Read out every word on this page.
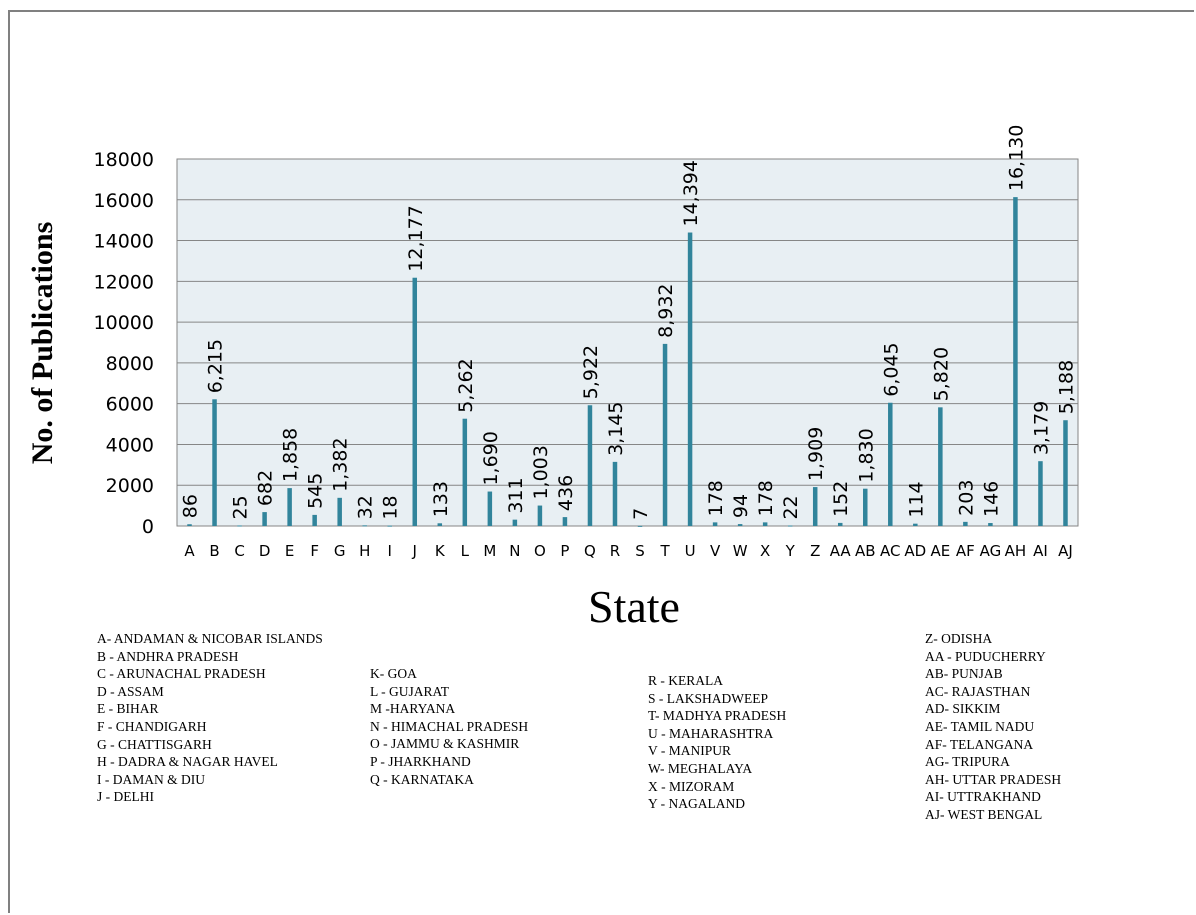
0
2000
4000
6000
8000
10000
12000
14000
16000
18000
86
6,215
25
682
1,858
545 1,382
32 18
12,177
133
5,262
1,690
311 1,003 436
5,922
3,145
7
8,932
14,394
178 94 178 22
1,909
152
1,830
6,045
114
5,820
203 146
16,130
3,179
5,188
A B C D E F G H I J K L M N O P Q R S T U V W X Y Z AA AB AC AD AE AF AG AH AI AJ
No. of Publications
State
A- ANDAMAN & NICOBAR ISLANDS
B - ANDHRA PRADESH
C - ARUNACHAL PRADESH
D - ASSAM
E - BIHAR
F - CHANDIGARH
G - CHATTISGARH
H - DADRA & NAGAR HAVEL
I - DAMAN & DIU
J - DELHI
K- GOA
L - GUJARAT
M -HARYANA
N - HIMACHAL PRADESH
O - JAMMU & KASHMIR
P - JHARKHAND
Q - KARNATAKA
R - KERALA
S - LAKSHADWEEP
T- MADHYA PRADESH
U - MAHARASHTRA
V - MANIPUR
W- MEGHALAYA
X - MIZORAM
Y - NAGALAND
Z- ODISHA
AA - PUDUCHERRY
AB- PUNJAB
AC- RAJASTHAN
AD- SIKKIM
AE- TAMIL NADU
AF- TELANGANA
AG- TRIPURA
AH- UTTAR PRADESH
AI- UTTRAKHAND
AJ- WEST BENGAL
